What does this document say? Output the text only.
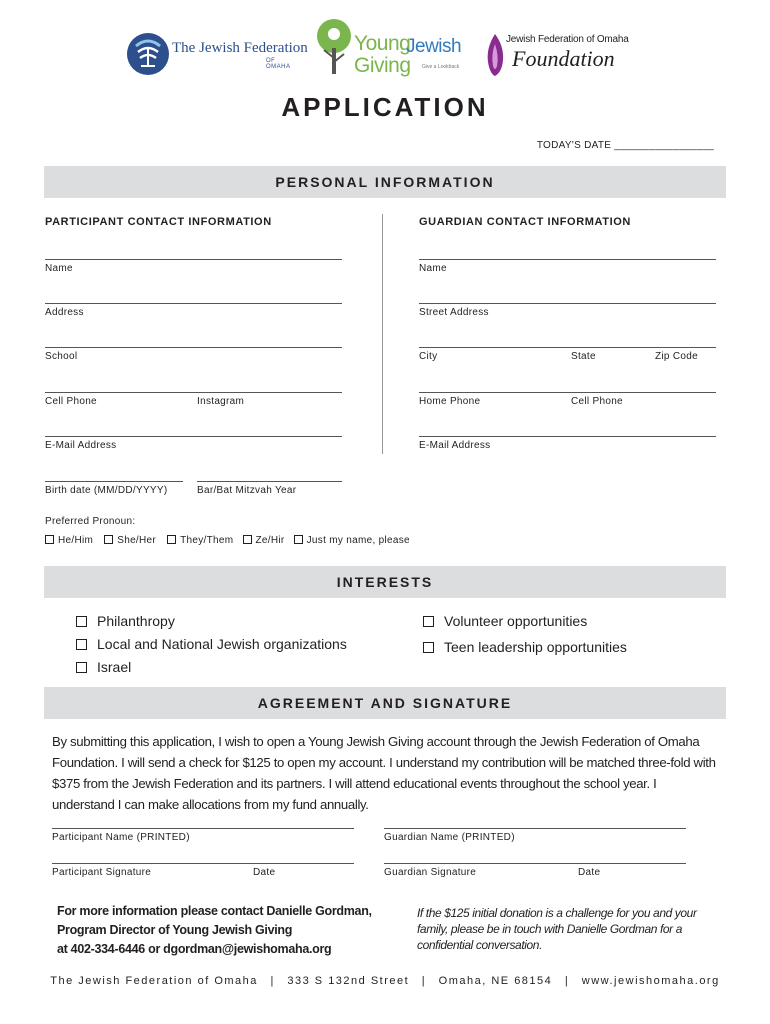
The Jewish Federation
OF OMAHA
Young
Jewish
Giving Give a Lookback
Jewish Federation of Omaha
Foundation
APPLICATION
TODAY'S DATE _________________
PERSONAL INFORMATION
PARTICIPANT CONTACT INFORMATION	GUARDIAN CONTACT INFORMATION
Name
Address
School
Cell Phone	Instagram
E-Mail Address
Birth date (MM/DD/YYYY)	Bar/Bat Mitzvah Year
Name
Street Address
City	State	Zip Code
Home Phone	Cell Phone
E-Mail Address
Preferred Pronoun:
He/Him She/Her They/Them Ze/Hir Just my name, please
INTERESTS
Philanthropy
Local and National Jewish organizations
Israel
Volunteer opportunities
Teen leadership opportunities
AGREEMENT AND SIGNATURE
By submitting this application, I wish to open a Young Jewish Giving account through the Jewish Federation of Omaha Foundation. I will send a check for $125 to open my account. I understand my contribution will be matched three-fold with $375 from the Jewish Federation and its partners. I will attend educational events throughout the school year. I understand I can make allocations from my fund annually.
Participant Name (PRINTED)	Guardian Name (PRINTED)
Participant Signature	Date	Guardian Signature	Date
For more information please contact Danielle Gordman,
Program Director of Young Jewish Giving
at 402-334-6446 or dgordman@jewishomaha.org
If the $125 initial donation is a challenge for you and your family, please be in touch with Danielle Gordman for a confidential conversation.
The Jewish Federation of Omaha | 333 S 132nd Street | Omaha, NE 68154 | www.jewishomaha.org
